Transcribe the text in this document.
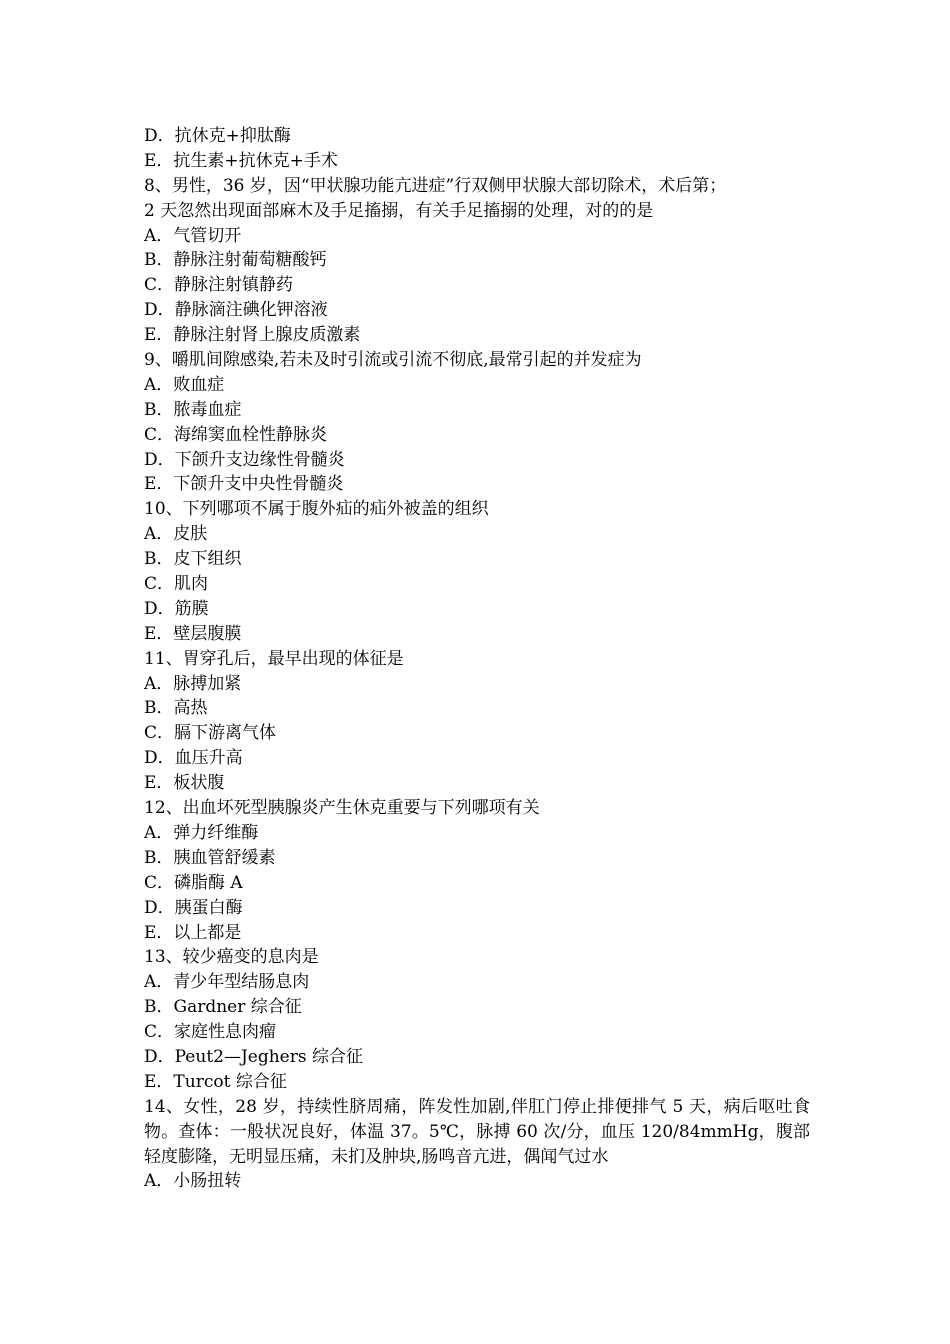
D．抗休克+抑肽酶
E．抗生素+抗休克+手术
8、男性，36 岁，因“甲状腺功能亢进症”行双侧甲状腺大部切除术，术后第；
2 天忽然出现面部麻木及手足搐搦，有关手足搐搦的处理，对的的是
A．气管切开
B．静脉注射葡萄糖酸钙
C．静脉注射镇静药
D．静脉滴注碘化钾溶液
E．静脉注射肾上腺皮质激素
9、嚼肌间隙感染,若未及时引流或引流不彻底,最常引起的并发症为
A．败血症
B．脓毒血症
C．海绵窦血栓性静脉炎
D．下颌升支边缘性骨髓炎
E．下颌升支中央性骨髓炎
10、下列哪项不属于腹外疝的疝外被盖的组织
A．皮肤
B．皮下组织
C．肌肉
D．筋膜
E．壁层腹膜
11、胃穿孔后，最早出现的体征是
A．脉搏加紧
B．高热
C．膈下游离气体
D．血压升高
E．板状腹
12、出血坏死型胰腺炎产生休克重要与下列哪项有关
A．弹力纤维酶
B．胰血管舒缓素
C．磷脂酶 A
D．胰蛋白酶
E．以上都是
13、较少癌变的息肉是
A．青少年型结肠息肉
B．Gardner 综合征
C．家庭性息肉瘤
D．Peut2—Jeghers 综合征
E．Turcot 综合征
14、女性，28 岁，持续性脐周痛，阵发性加剧,伴肛门停止排便排气 5 天，病后呕吐食物。查体：一般状况良好，体温 37。5℃，脉搏 60 次/分，血压 120/84mmHg，腹部轻度膨隆，无明显压痛，未扪及肿块,肠鸣音亢进，偶闻气过水
A．小肠扭转
